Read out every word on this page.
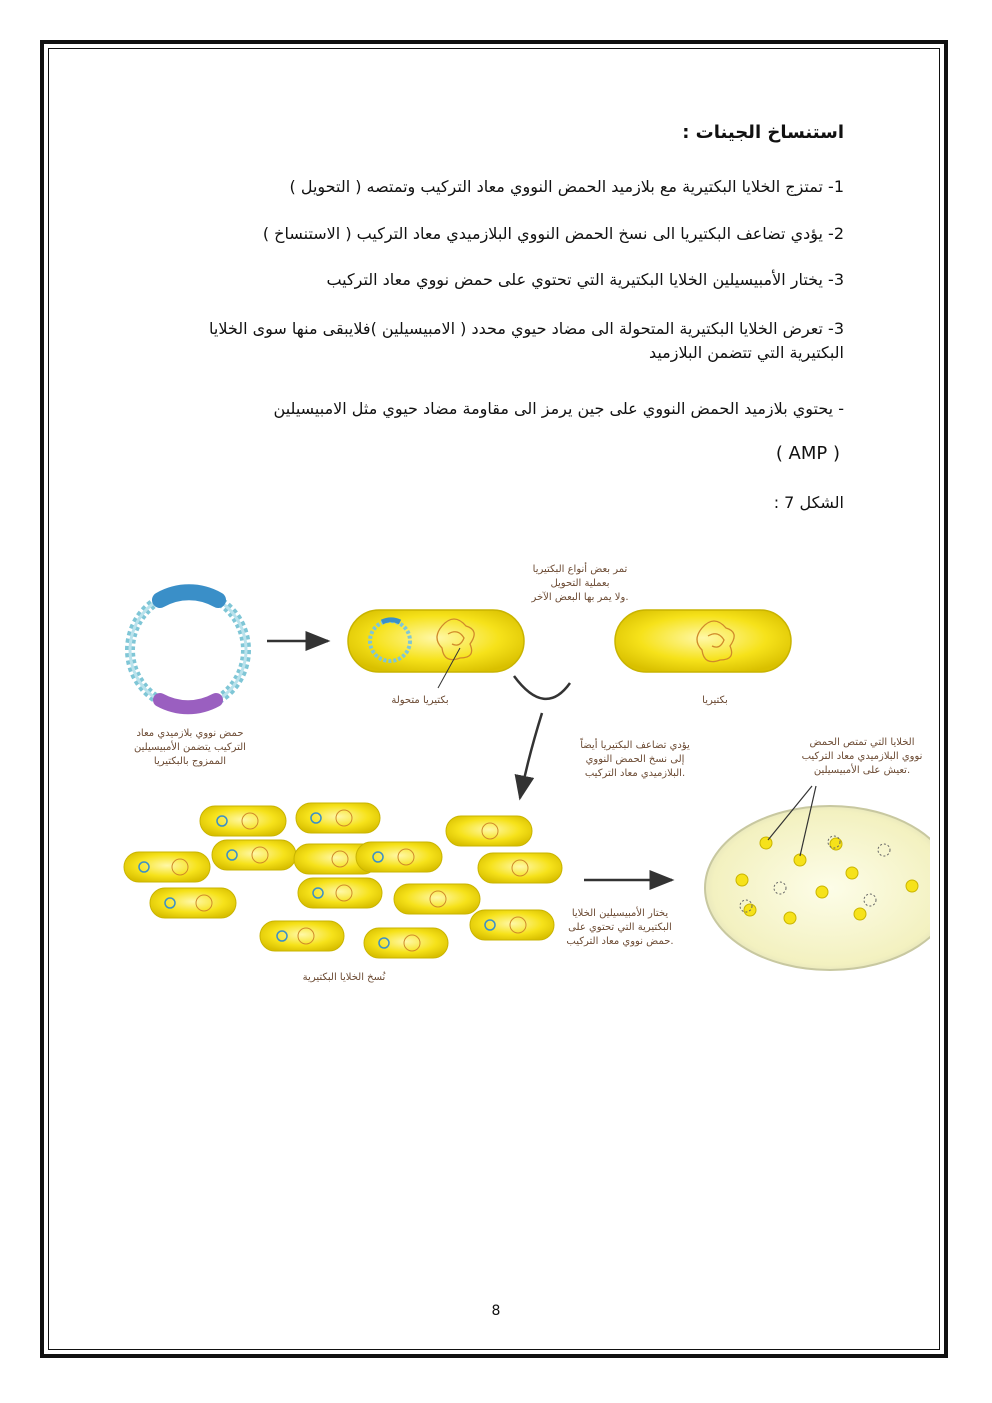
استنساخ الجينات :
1- تمتزج الخلايا البكتيرية مع بلازميد الحمض النووي معاد التركيب وتمتصه ( التحويل )
2- يؤدي تضاعف البكتيريا الى نسخ الحمض النووي البلازميدي معاد التركيب ( الاستنساخ )
3- يختار الأمبيسيلين الخلايا البكتيرية التي تحتوي على حمض نووي معاد التركيب
3- تعرض الخلايا البكتيرية المتحولة الى مضاد حيوي محدد ( الامبيسيلين )فلايبقى منها سوى الخلايا البكتيرية التي تتضمن البلازميد
- يحتوي بلازميد الحمض النووي على جين يرمز الى مقاومة مضاد حيوي مثل الامبيسيلين
( AMP )
الشكل 7 :
AMP
حمض نووي بلازميدي معاد
التركيب يتضمن الأمبيسيلين
الممزوج بالبكتيريا
بكتيريا متحولة	بكتيريا
تمر بعض أنواع البكتيريا
بعملية التحويل
ولا يمر بها البعض الآخر.
يؤدي تضاعف البكتيريا أيضاً
إلى نسخ الحمض النووي
البلازميدي معاد التركيب.
نُسخ الخلايا البكتيرية
يختار الأمبيسيلين الخلايا
البكتيرية التي تحتوي على
حمض نووي معاد التركيب.
الخلايا التي تمتص الحمض
نووي البلازميدي معاد التركيب
تعيش على الأمبيسيلين.
8
